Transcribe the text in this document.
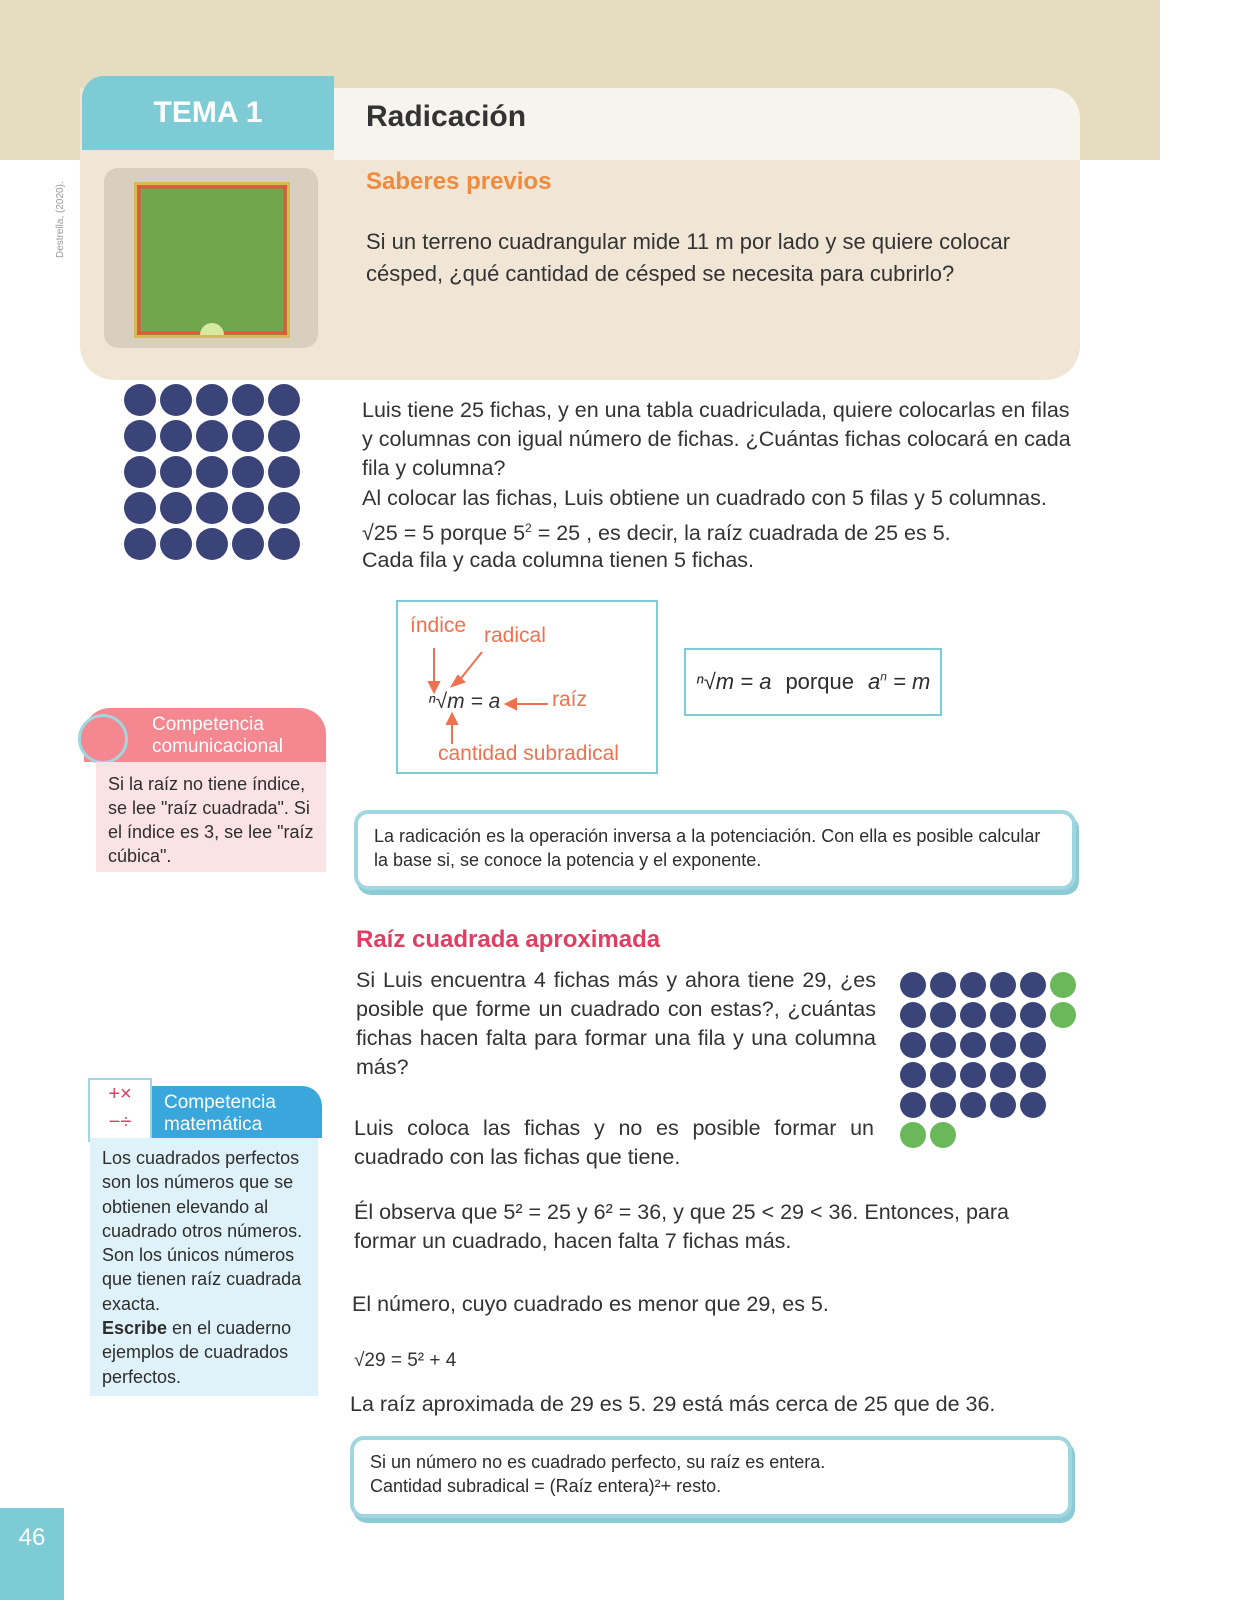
TEMA 1	Radicación
Destrella, (2020).	Saberes previos
Si un terreno cuadrangular mide 11 m por lado y se quiere colocar césped, ¿qué cantidad de césped se necesita para cubrirlo?
Luis tiene 25 fichas, y en una tabla cuadriculada, quiere colocarlas en filas y columnas con igual número de fichas. ¿Cuántas fichas colocará en cada fila y columna?
Al colocar las fichas, Luis obtiene un cuadrado con 5 filas y 5 columnas.
√25 = 5 porque $5^2 = 25$ , es decir, la raíz cuadrada de 25 es 5.
Cada fila y cada columna tienen 5 fichas.
índice radical
ⁿ√m = a raíz
cantidad subradical
ⁿ√m = a porque $a^n = m$
Competencia comunicacional
Si la raíz no tiene índice, se lee "raíz cuadrada". Si el índice es 3, se lee "raíz cúbica".
La radicación es la operación inversa a la potenciación. Con ella es posible calcular la base si, se conoce la potencia y el exponente.
Raíz cuadrada aproximada
Si Luis encuentra 4 fichas más y ahora tiene 29, ¿es posible que forme un cuadrado con estas?, ¿cuántas fichas hacen falta para formar una fila y una columna más?
Luis coloca las fichas y no es posible formar un cuadrado con las fichas que tiene.
Él observa que 5² = 25 y 6² = 36, y que 25 < 29 < 36. Entonces, para formar un cuadrado, hacen falta 7 fichas más.
El número, cuyo cuadrado es menor que 29, es 5.
√29 = 5² + 4
La raíz aproximada de 29 es 5. 29 está más cerca de 25 que de 36.
Si un número no es cuadrado perfecto, su raíz es entera.
Cantidad subradical = (Raíz entera)²+ resto.
+×
−÷
Competencia matemática
Los cuadrados perfectos son los números que se obtienen elevando al cuadrado otros números. Son los únicos números que tienen raíz cuadrada exacta.
Escribe en el cuaderno ejemplos de cuadrados perfectos.
46
